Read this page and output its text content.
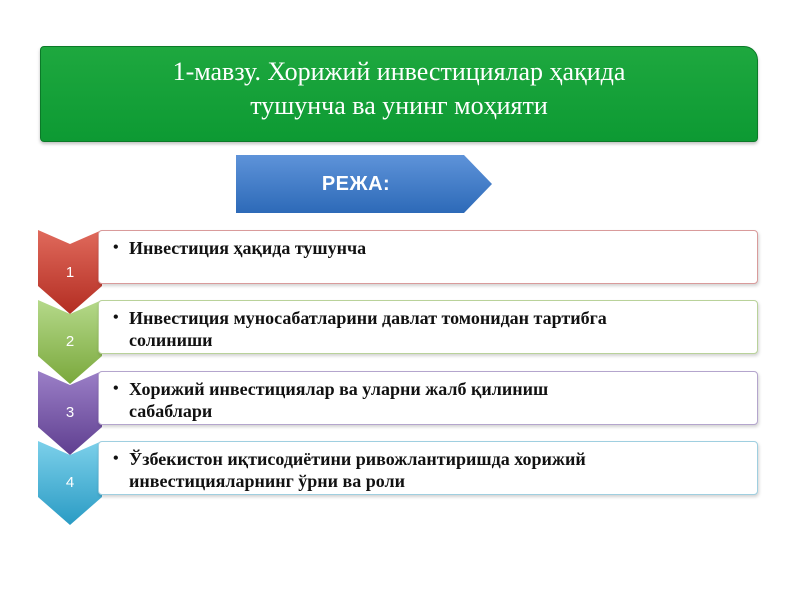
1-мавзу. Хорижий инвестициялар ҳақида
тушунча ва унинг моҳияти
РЕЖА:
1
• Инвестиция ҳақида тушунча
2
• Инвестиция муносабатларини давлат томонидан тартибга
солиниши
3
• Хорижий инвестициялар ва уларни жалб қилиниш
сабаблари
4
• Ўзбекистон иқтисодиётини ривожлантиришда хорижий
инвестицияларнинг ўрни ва роли
